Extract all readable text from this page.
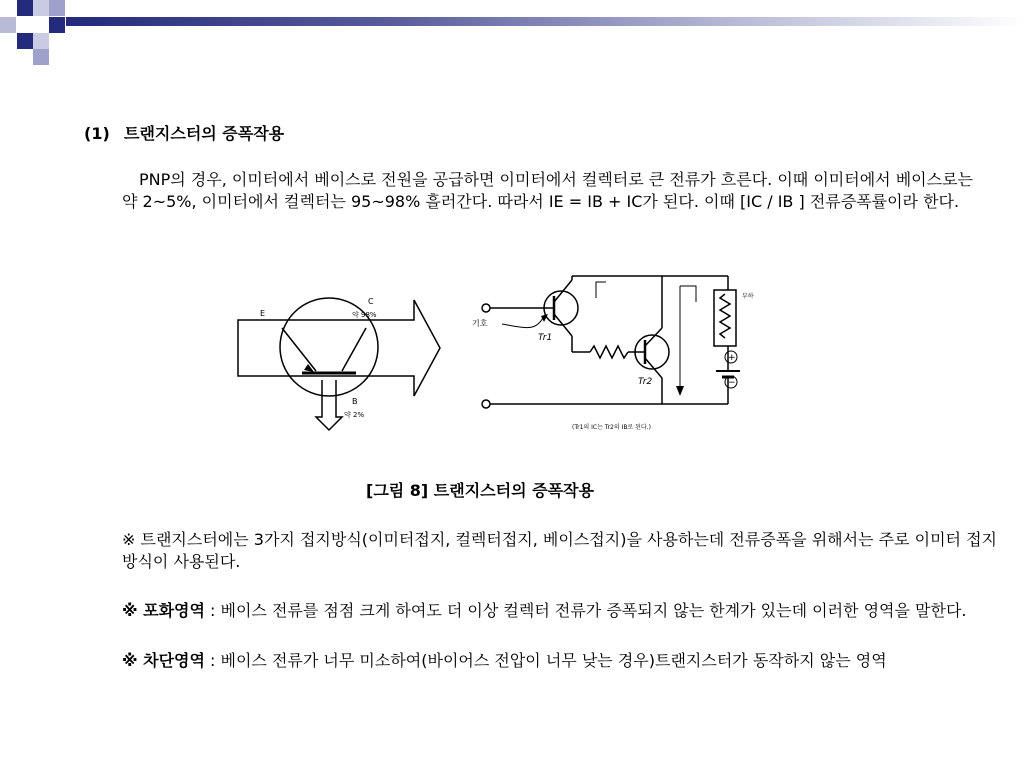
(1) 트랜지스터의 증폭작용
PNP의 경우, 이미터에서 베이스로 전원을 공급하면 이미터에서 컬렉터로 큰 전류가 흐른다. 이때 이미터에서 베이스로는 약 2~5%, 이미터에서 컬렉터는 95~98% 흘러간다. 따라서 IE = IB + IC가 된다. 이때 [IC / IB ] 전류증폭률이라 한다.
E
C
약 98%
B
약 2%
+
−
기호
Tr1
Tr2
부하
(Tr1의 IC는 Tr2의 IB로 된다.)
[그림 8] 트랜지스터의 증폭작용
※ 트랜지스터에는 3가지 접지방식(이미터접지, 컬렉터접지, 베이스접지)을 사용하는데 전류증폭을 위해서는 주로 이미터 접지방식이 사용된다.
※ 포화영역 : 베이스 전류를 점점 크게 하여도 더 이상 컬렉터 전류가 증폭되지 않는 한계가 있는데 이러한 영역을 말한다.
※ 차단영역 : 베이스 전류가 너무 미소하여(바이어스 전압이 너무 낮는 경우)트랜지스터가 동작하지 않는 영역
